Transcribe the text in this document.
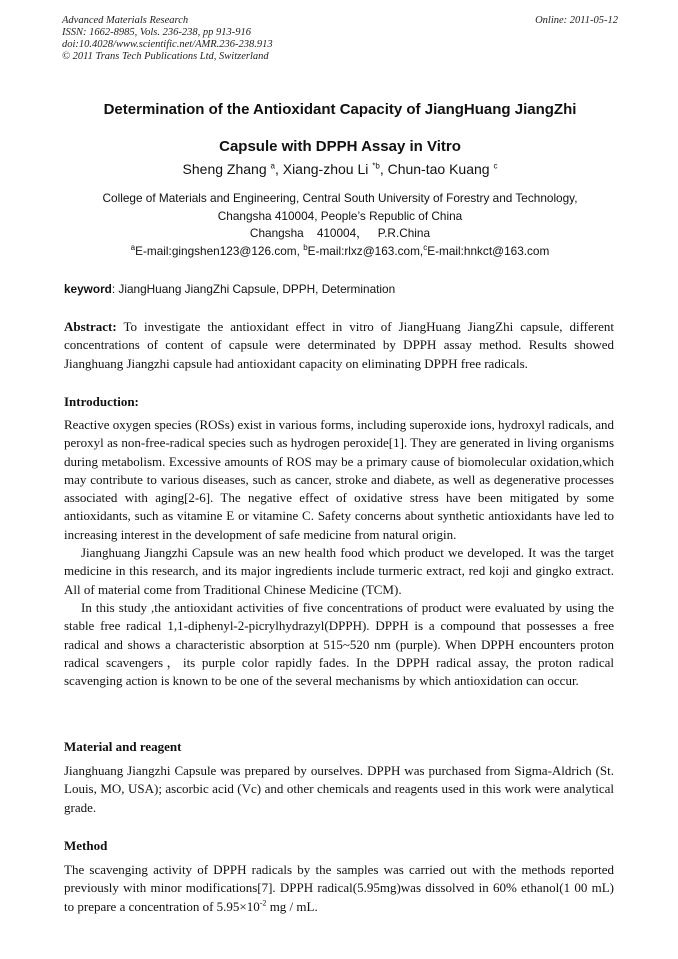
Advanced Materials Research
ISSN: 1662-8985, Vols. 236-238, pp 913-916
doi:10.4028/www.scientific.net/AMR.236-238.913
© 2011 Trans Tech Publications Ltd, Switzerland
Online: 2011-05-12
Determination of the Antioxidant Capacity of JiangHuang JiangZhi
Capsule with DPPH Assay in Vitro
Sheng Zhang $^a$, Xiang-zhou Li $^{*b}$, Chun-tao Kuang $^c$
College of Materials and Engineering, Central South University of Forestry and Technology,
Changsha 410004, People’s Republic of China
Changsha    410004，   P.R.China
$^a$E-mail:gingshen123@126.com, $^b$E-mail:rlxz@163.com,$^c$E-mail:hnkct@163.com
keyword: JiangHuang JiangZhi Capsule, DPPH, Determination

Abstract: To investigate the antioxidant effect in vitro of JiangHuang JiangZhi capsule, different concentrations of content of capsule were determinated by DPPH assay method. Results showed Jianghuang Jiangzhi capsule had antioxidant capacity on eliminating DPPH free radicals.

Introduction:

Reactive oxygen species (ROSs) exist in various forms, including superoxide ions, hydroxyl radicals, and peroxyl as non-free-radical species such as hydrogen peroxide[1]. They are generated in living organisms during metabolism. Excessive amounts of ROS may be a primary cause of biomolecular oxidation,which may contribute to various diseases, such as cancer, stroke and diabete, as well as degenerative processes associated with aging[2-6]. The negative effect of oxidative stress have been mitigated by some antioxidants, such as vitamine E or vitamine C. Safety concerns about synthetic antioxidants have led to increasing interest in the development of safe medicine from natural origin.

Jianghuang Jiangzhi Capsule was an new health food which product we developed. It was the target medicine in this research, and its major ingredients include turmeric extract, red koji and gingko extract. All of material come from Traditional Chinese Medicine (TCM).

In this study ,the antioxidant activities of five concentrations of product were evaluated by using the stable free radical 1,1-diphenyl-2-picrylhydrazyl(DPPH). DPPH is a compound that possesses a free radical and shows a characteristic absorption at 515~520 nm (purple). When DPPH encounters proton radical scavengers，its purple color rapidly fades. In the DPPH radical assay, the proton radical scavenging action is known to be one of the several mechanisms by which antioxidation can occur.

Material and reagent

Jianghuang Jiangzhi Capsule was prepared by ourselves. DPPH was purchased from Sigma-Aldrich (St. Louis, MO, USA); ascorbic acid (Vc) and other chemicals and reagents used in this work were analytical grade.

Method

The scavenging activity of DPPH radicals by the samples was carried out with the methods reported previously with minor modifications[7]. DPPH radical(5.95mg)was dissolved in 60% ethanol(1 00 mL) to prepare a concentration of $5.95\times 10^{-2}$ mg / mL.
